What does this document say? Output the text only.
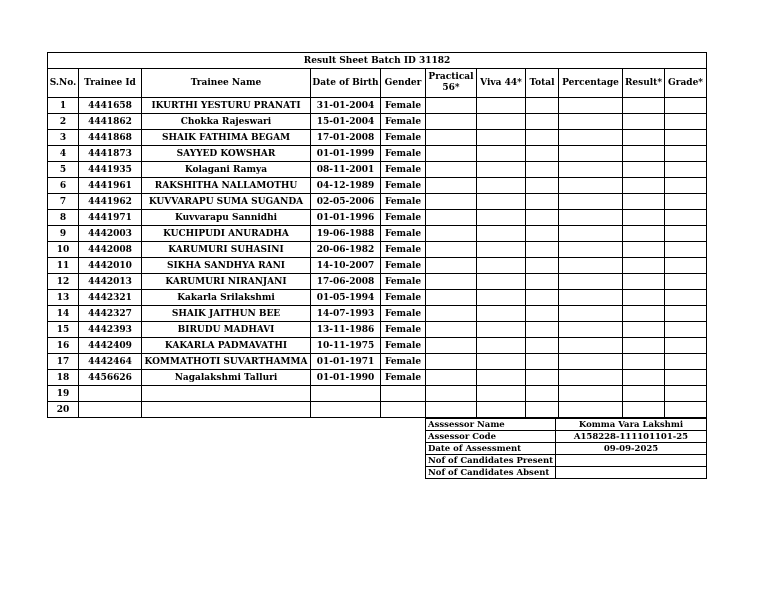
Result Sheet Batch ID 31182										
S.No.	Trainee Id	Trainee Name	Date of Birth	Gender	Practical 56*	Viva 44*	Total	Percentage	Result*	Grade*
1	4441658	IKURTHI YESTURU PRANATI	31-01-2004	Female						
2	4441862	Chokka Rajeswari	15-01-2004	Female						
3	4441868	SHAIK FATHIMA BEGAM	17-01-2008	Female						
4	4441873	SAYYED KOWSHAR	01-01-1999	Female						
5	4441935	Kolagani Ramya	08-11-2001	Female						
6	4441961	RAKSHITHA NALLAMOTHU	04-12-1989	Female						
7	4441962	KUVVARAPU SUMA SUGANDA	02-05-2006	Female						
8	4441971	Kuvvarapu Sannidhi	01-01-1996	Female						
9	4442003	KUCHIPUDI ANURADHA	19-06-1988	Female						
10	4442008	KARUMURI SUHASINI	20-06-1982	Female						
11	4442010	SIKHA SANDHYA RANI	14-10-2007	Female						
12	4442013	KARUMURI NIRANJANI	17-06-2008	Female						
13	4442321	Kakarla Srilakshmi	01-05-1994	Female						
14	4442327	SHAIK JAITHUN BEE	14-07-1993	Female						
15	4442393	BIRUDU MADHAVI	13-11-1986	Female						
16	4442409	KAKARLA PADMAVATHI	10-11-1975	Female						
17	4442464	KOMMATHOTI SUVARTHAMMA	01-01-1971	Female						
18	4456626	Nagalakshmi Talluri	01-01-1990	Female						
19										
20										
Asssessor Name	Komma Vara Lakshmi
Assessor Code	A158228-111101101-25
Date of Assessment	09-09-2025
Nof of Candidates Present	
Nof of Candidates Absent	
